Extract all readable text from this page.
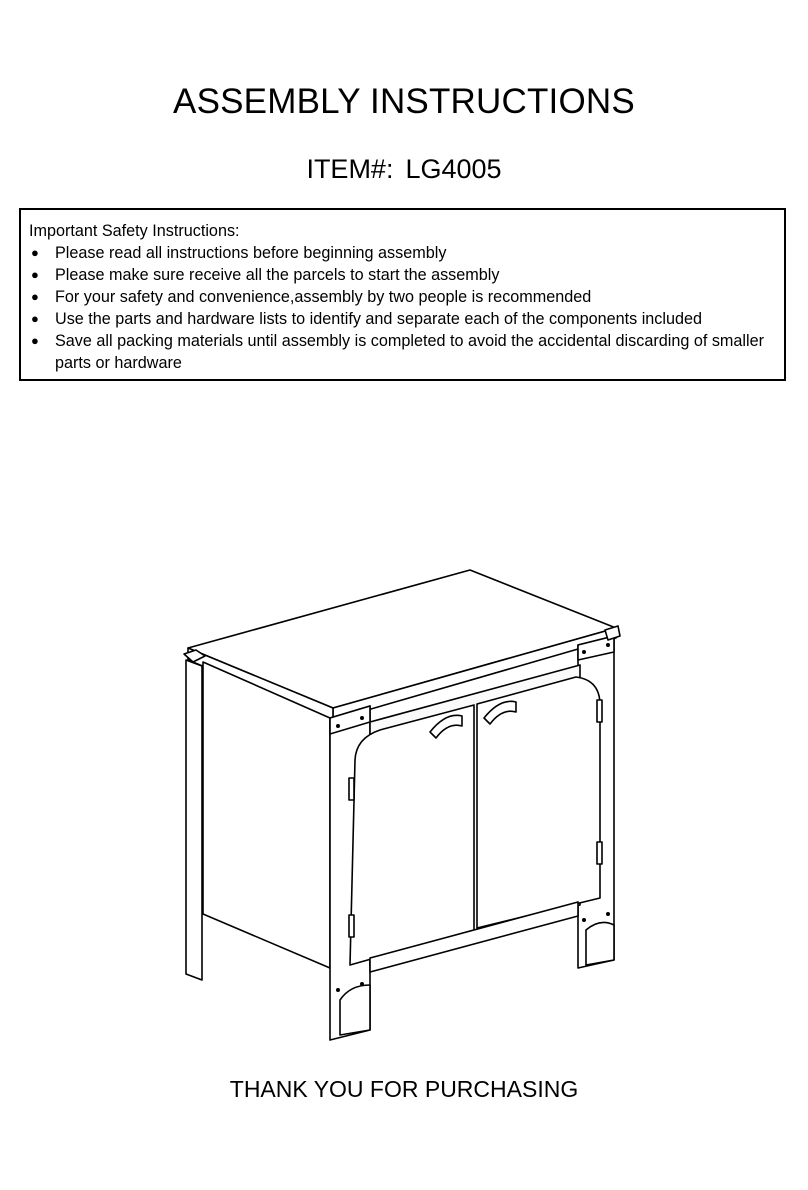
ASSEMBLY INSTRUCTIONS
ITEM#: LG4005
Important Safety Instructions:
● Please read all instructions before beginning assembly
● Please make sure receive all the parcels to start the assembly
● For your safety and convenience,assembly by two people is recommended
● Use the parts and hardware lists to identify and separate each of the components included
● Save all packing materials until assembly is completed to avoid the accidental discarding of smaller parts or hardware
THANK YOU FOR PURCHASING
